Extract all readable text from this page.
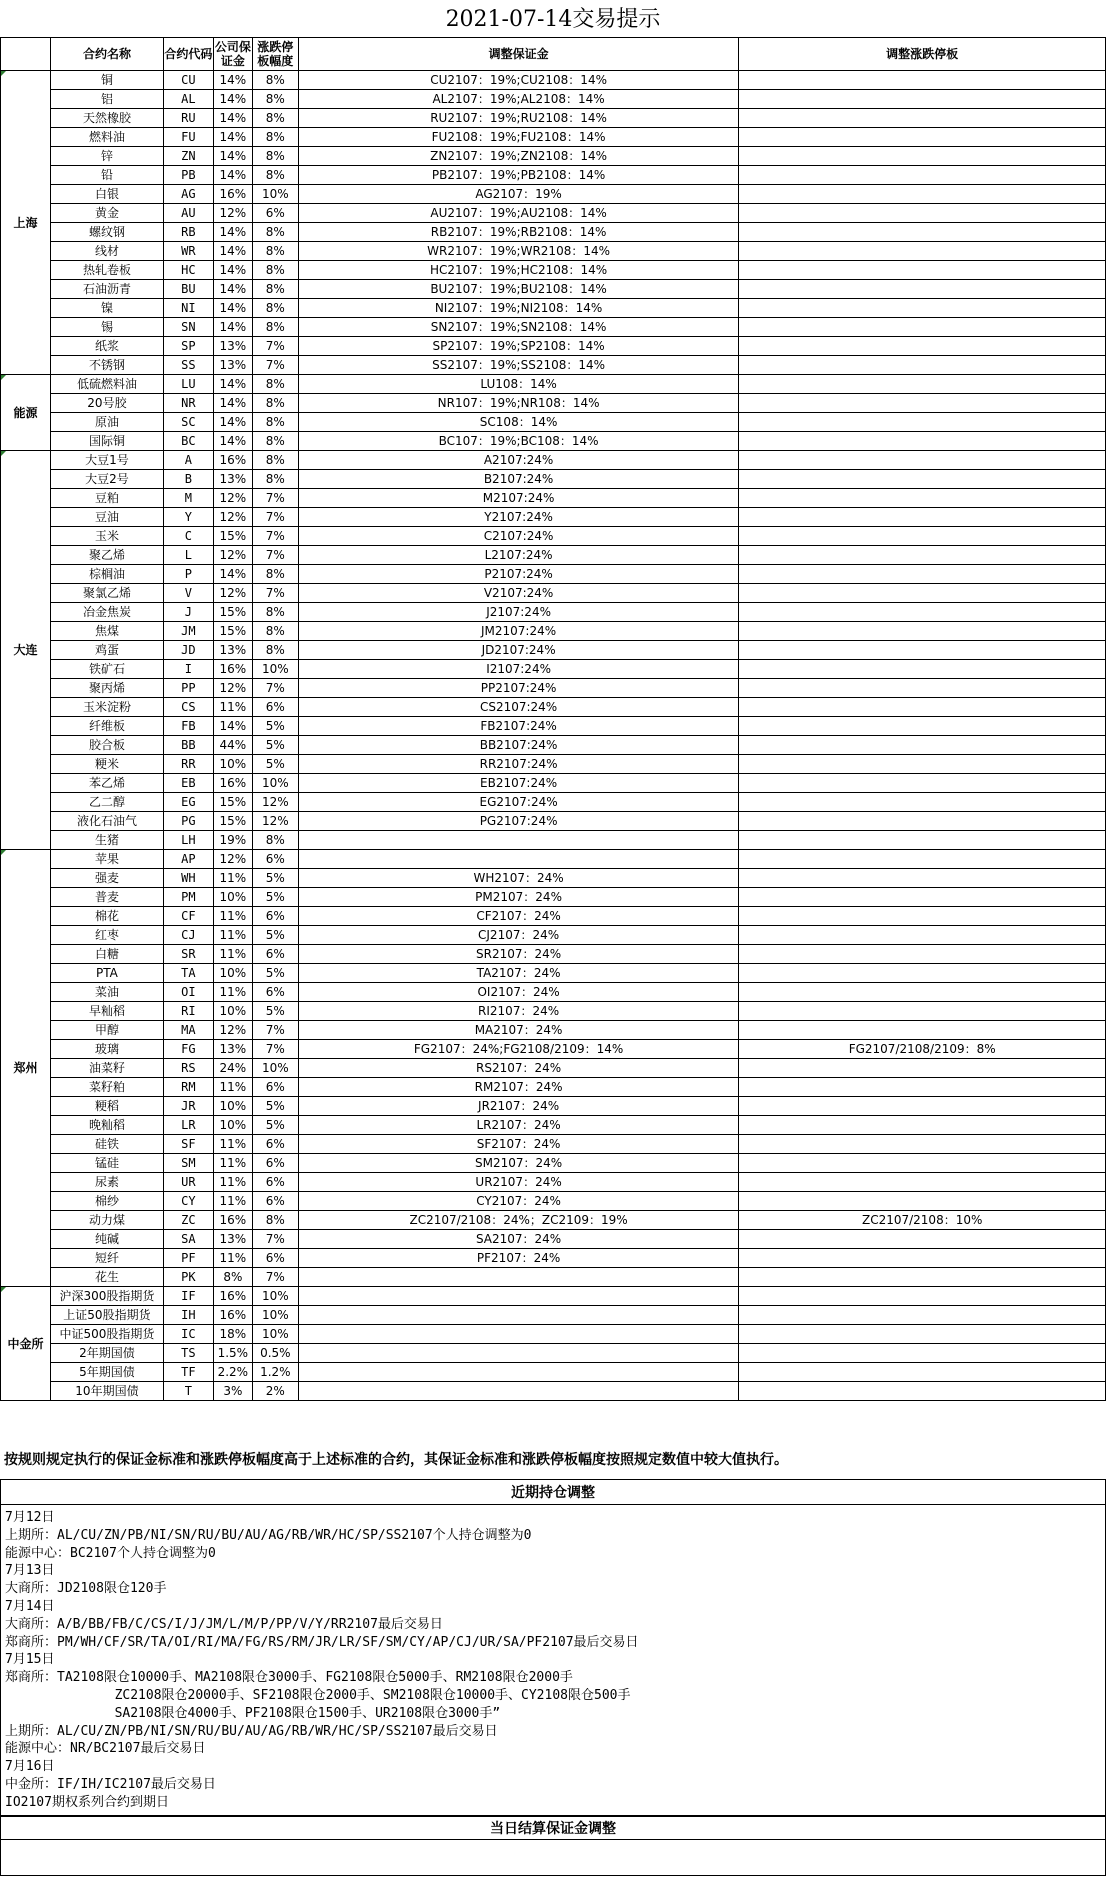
2021-07-14交易提示
	合约名称	合约代码	公司保证金	涨跌停板幅度	调整保证金	调整涨跌停板
上海	铜	CU	14%	8%	CU2107：19%;CU2108：14%	
	铝	AL	14%	8%	AL2107：19%;AL2108：14%	
	天然橡胶	RU	14%	8%	RU2107：19%;RU2108：14%	
	燃料油	FU	14%	8%	FU2108：19%;FU2108：14%	
	锌	ZN	14%	8%	ZN2107：19%;ZN2108：14%	
	铅	PB	14%	8%	PB2107：19%;PB2108：14%	
	白银	AG	16%	10%	AG2107：19%	
	黄金	AU	12%	6%	AU2107：19%;AU2108：14%	
	螺纹钢	RB	14%	8%	RB2107：19%;RB2108：14%	
	线材	WR	14%	8%	WR2107：19%;WR2108：14%	
	热轧卷板	HC	14%	8%	HC2107：19%;HC2108：14%	
	石油沥青	BU	14%	8%	BU2107：19%;BU2108：14%	
	镍	NI	14%	8%	NI2107：19%;NI2108：14%	
	锡	SN	14%	8%	SN2107：19%;SN2108：14%	
	纸浆	SP	13%	7%	SP2107：19%;SP2108：14%	
	不锈钢	SS	13%	7%	SS2107：19%;SS2108：14%	
能源	低硫燃料油	LU	14%	8%	LU108：14%	
	20号胶	NR	14%	8%	NR107：19%;NR108：14%	
	原油	SC	14%	8%	SC108：14%	
	国际铜	BC	14%	8%	BC107：19%;BC108：14%	
大连	大豆1号	A	16%	8%	A2107:24%	
	大豆2号	B	13%	8%	B2107:24%	
	豆粕	M	12%	7%	M2107:24%	
	豆油	Y	12%	7%	Y2107:24%	
	玉米	C	15%	7%	C2107:24%	
	聚乙烯	L	12%	7%	L2107:24%	
	棕榈油	P	14%	8%	P2107:24%	
	聚氯乙烯	V	12%	7%	V2107:24%	
	冶金焦炭	J	15%	8%	J2107:24%	
	焦煤	JM	15%	8%	JM2107:24%	
	鸡蛋	JD	13%	8%	JD2107:24%	
	铁矿石	I	16%	10%	I2107:24%	
	聚丙烯	PP	12%	7%	PP2107:24%	
	玉米淀粉	CS	11%	6%	CS2107:24%	
	纤维板	FB	14%	5%	FB2107:24%	
	胶合板	BB	44%	5%	BB2107:24%	
	粳米	RR	10%	5%	RR2107:24%	
	苯乙烯	EB	16%	10%	EB2107:24%	
	乙二醇	EG	15%	12%	EG2107:24%	
	液化石油气	PG	15%	12%	PG2107:24%	
	生猪	LH	19%	8%		
郑州	苹果	AP	12%	6%		
	强麦	WH	11%	5%	WH2107：24%	
	普麦	PM	10%	5%	PM2107：24%	
	棉花	CF	11%	6%	CF2107：24%	
	红枣	CJ	11%	5%	CJ2107：24%	
	白糖	SR	11%	6%	SR2107：24%	
	PTA	TA	10%	5%	TA2107：24%	
	菜油	OI	11%	6%	OI2107：24%	
	早籼稻	RI	10%	5%	RI2107：24%	
	甲醇	MA	12%	7%	MA2107：24%	
	玻璃	FG	13%	7%	FG2107：24%;FG2108/2109：14%	FG2107/2108/2109：8%
	油菜籽	RS	24%	10%	RS2107：24%	
	菜籽粕	RM	11%	6%	RM2107：24%	
	粳稻	JR	10%	5%	JR2107：24%	
	晚籼稻	LR	10%	5%	LR2107：24%	
	硅铁	SF	11%	6%	SF2107：24%	
	锰硅	SM	11%	6%	SM2107：24%	
	尿素	UR	11%	6%	UR2107：24%	
	棉纱	CY	11%	6%	CY2107：24%	
	动力煤	ZC	16%	8%	ZC2107/2108：24%；ZC2109：19%	ZC2107/2108：10%
	纯碱	SA	13%	7%	SA2107：24%	
	短纤	PF	11%	6%	PF2107：24%	
	花生	PK	8%	7%		
中金所	沪深300股指期货	IF	16%	10%		
	上证50股指期货	IH	16%	10%		
	中证500股指期货	IC	18%	10%		
	2年期国债	TS	1.5%	0.5%		
	5年期国债	TF	2.2%	1.2%		
	10年期国债	T	3%	2%		
按规则规定执行的保证金标准和涨跌停板幅度高于上述标准的合约，其保证金标准和涨跌停板幅度按照规定数值中较大值执行。
近期持仓调整
7月12日
上期所：AL/CU/ZN/PB/NI/SN/RU/BU/AU/AG/RB/WR/HC/SP/SS2107个人持仓调整为0
能源中心：BC2107个人持仓调整为0
7月13日
大商所：JD2108限仓120手
7月14日
大商所：A/B/BB/FB/C/CS/I/J/JM/L/M/P/PP/V/Y/RR2107最后交易日
郑商所：PM/WH/CF/SR/TA/OI/RI/MA/FG/RS/RM/JR/LR/SF/SM/CY/AP/CJ/UR/SA/PF2107最后交易日
7月15日
郑商所：TA2108限仓10000手、MA2108限仓3000手、FG2108限仓5000手、RM2108限仓2000手
ZC2108限仓20000手、SF2108限仓2000手、SM2108限仓10000手、CY2108限仓500手
SA2108限仓4000手、PF2108限仓1500手、UR2108限仓3000手”
上期所：AL/CU/ZN/PB/NI/SN/RU/BU/AU/AG/RB/WR/HC/SP/SS2107最后交易日
能源中心：NR/BC2107最后交易日
7月16日
中金所：IF/IH/IC2107最后交易日
IO2107期权系列合约到期日
当日结算保证金调整
